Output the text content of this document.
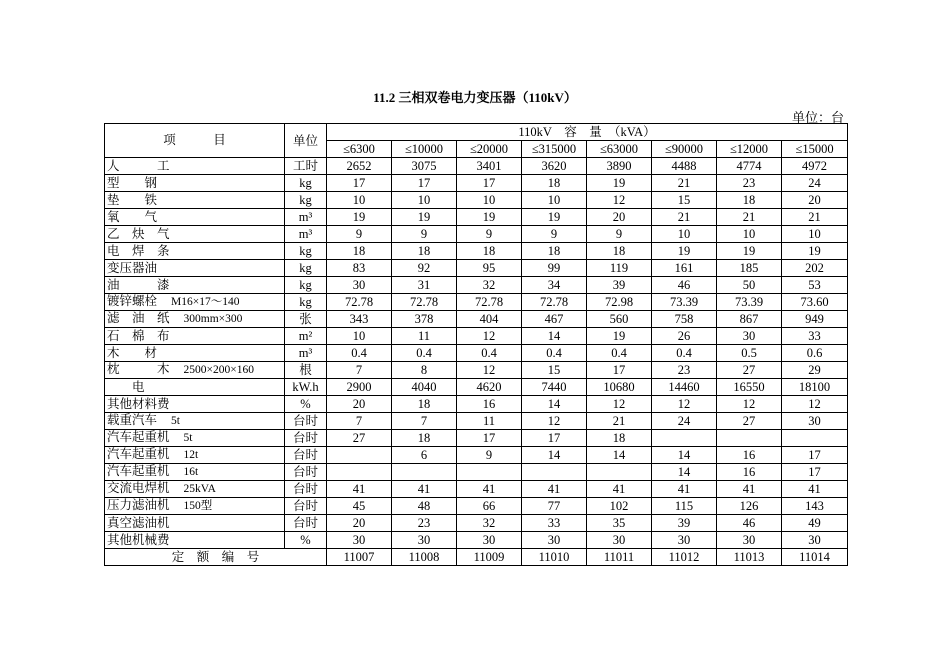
11.2 三相双卷电力变压器（110kV）
单位：台
项　　　目	单位	110kV　容　量　（kVA）							
		≤6300	≤10000	≤20000	≤315000	≤63000	≤90000	≤12000	≤15000
人　　　工	工时	2652	3075	3401	3620	3890	4488	4774	4972
型　　钢	kg	17	17	17	18	19	21	23	24
垫　　铁	kg	10	10	10	10	12	15	18	20
氧　　气	m³	19	19	19	19	20	21	21	21
乙　炔　气	m³	9	9	9	9	9	10	10	10
电　焊　条	kg	18	18	18	18	18	19	19	19
变压器油	kg	83	92	95	99	119	161	185	202
油　　　漆	kg	30	31	32	34	39	46	50	53
镀锌螺栓 M16×17～140	kg	72.78	72.78	72.78	72.78	72.98	73.39	73.39	73.60
滤　油　纸 300mm×300	张	343	378	404	467	560	758	867	949
石　棉　布	m²	10	11	12	14	19	26	30	33
木　　材	m³	0.4	0.4	0.4	0.4	0.4	0.4	0.5	0.6
枕　　　木 2500×200×160	根	7	8	12	15	17	23	27	29
　　电	kW.h	2900	4040	4620	7440	10680	14460	16550	18100
其他材料费	%	20	18	16	14	12	12	12	12
载重汽车 5t	台时	7	7	11	12	21	24	27	30
汽车起重机 5t	台时	27	18	17	17	18			
汽车起重机 12t	台时		6	9	14	14	14	16	17
汽车起重机 16t	台时						14	16	17
交流电焊机 25kVA	台时	41	41	41	41	41	41	41	41
压力滤油机 150型	台时	45	48	66	77	102	115	126	143
真空滤油机	台时	20	23	32	33	35	39	46	49
其他机械费	%	30	30	30	30	30	30	30	30
定　额　编　号		11007	11008	11009	11010	11011	11012	11013	11014
